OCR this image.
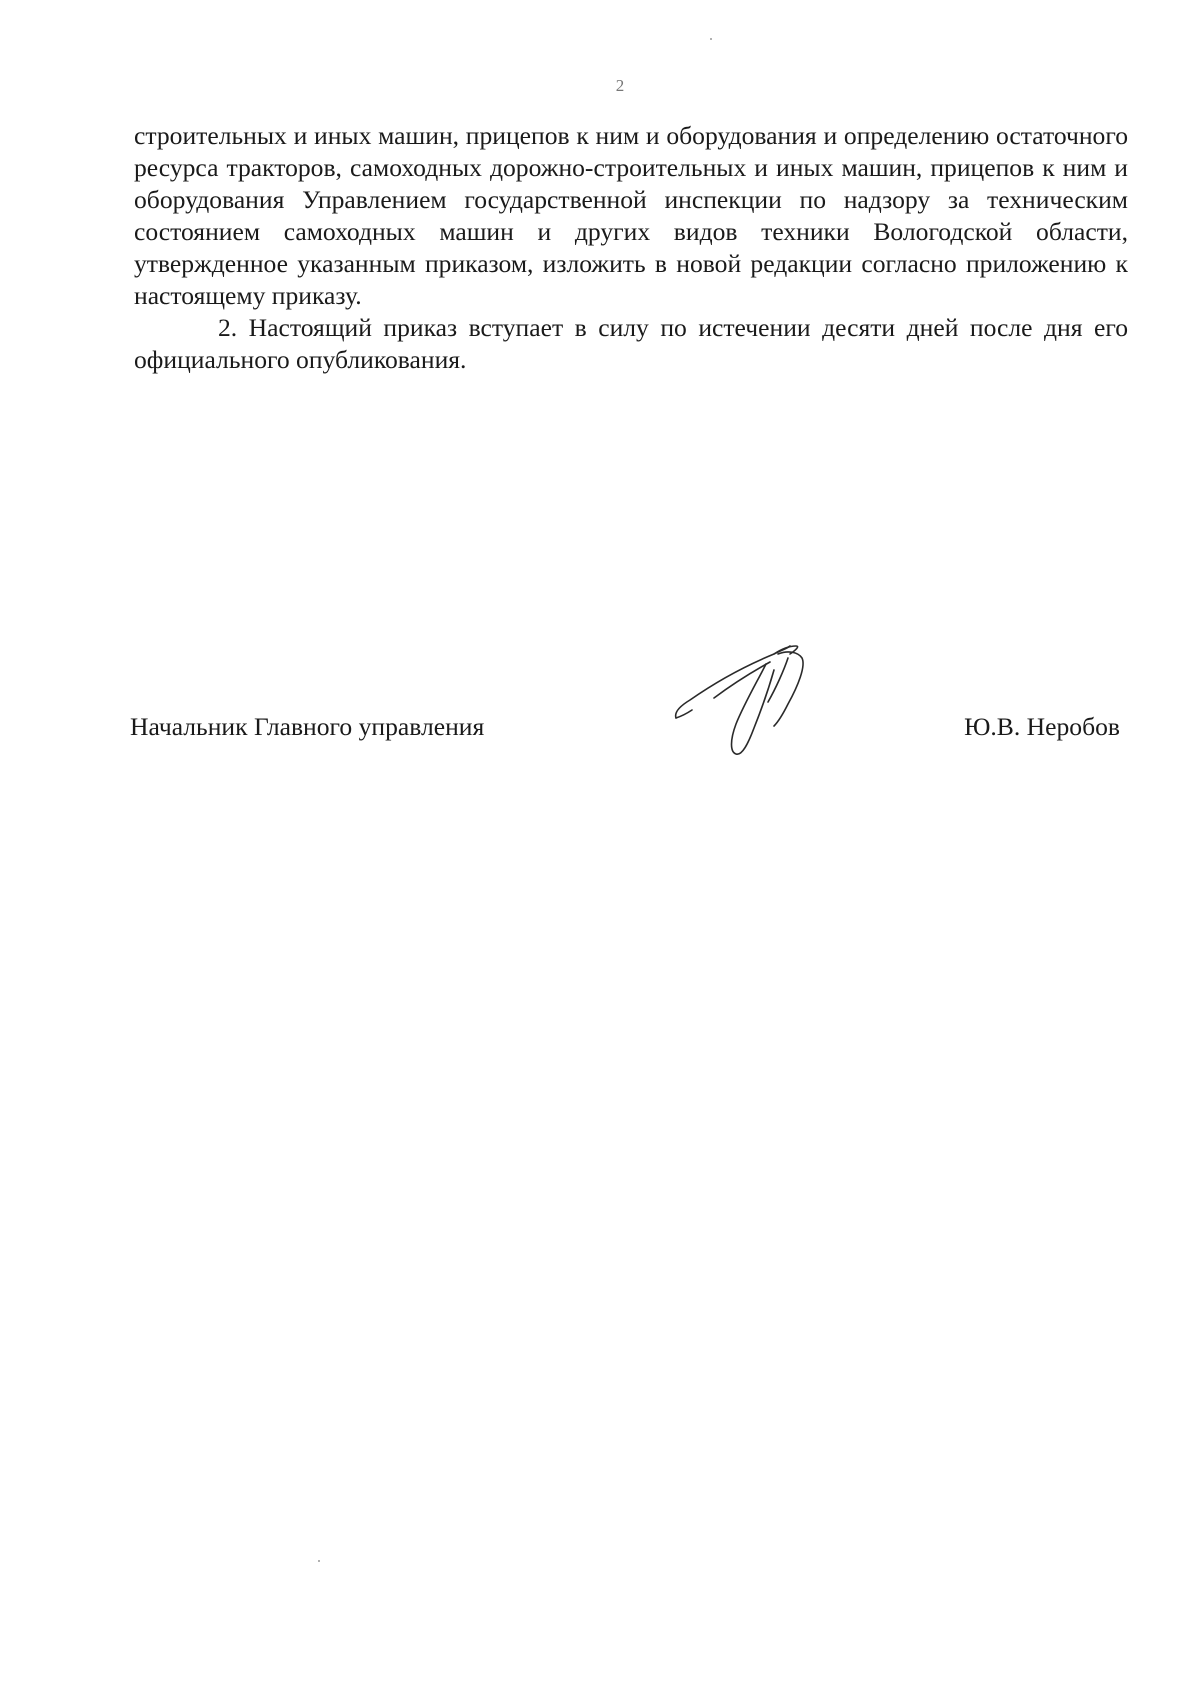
2

строительных и иных машин, прицепов к ним и оборудования и определению остаточного ресурса тракторов, самоходных дорожно-строительных и иных машин, прицепов к ним и оборудования Управлением государственной инспекции по надзору за техническим состоянием самоходных машин и других видов техники Вологодской области, утвержденное указанным приказом, изложить в новой редакции согласно приложению к настоящему приказу.

2. Настоящий приказ вступает в силу по истечении десяти дней после дня его официального опубликования.

Начальник Главного управления	Ю.В. Неробов
